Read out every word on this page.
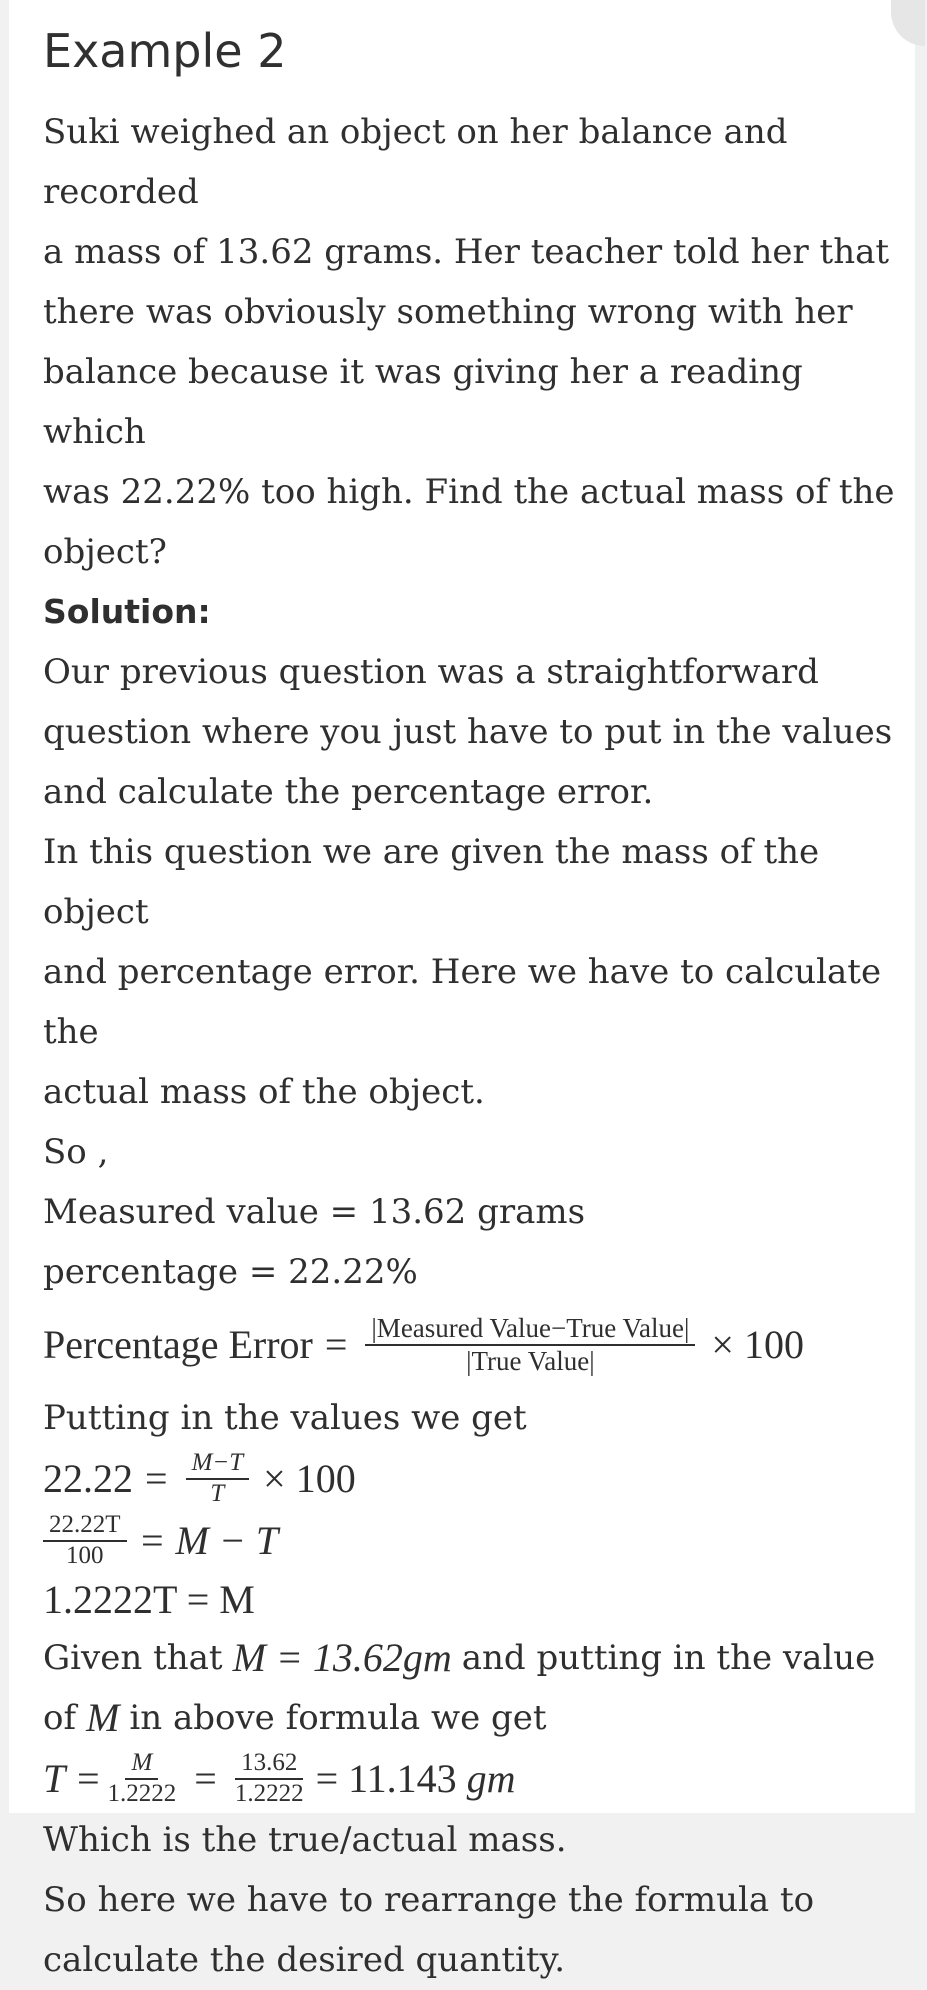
Example 2
Suki weighed an object on her balance and recorded
a mass of 13.62 grams. Her teacher told her that
there was obviously something wrong with her
balance because it was giving her a reading which
was 22.22% too high. Find the actual mass of the
object?
Solution:
Our previous question was a straightforward
question where you just have to put in the values
and calculate the percentage error.
In this question we are given the mass of the object
and percentage error. Here we have to calculate the
actual mass of the object.
So ,
Measured value = 13.62 grams
percentage = 22.22%
Percentage Error = $\frac{\text{|Measured Value−True Value|}}{\text{|True Value|}} \times 100$
Putting in the values we get
$22.22 = \frac{M-T}{T} \times 100$
$\frac{22.22T}{100} = M - T$
1.2222T = M
Given that M = 13.62gm and putting in the value
of M in above formula we get
$T = \frac{M}{1.2222} = \frac{13.62}{1.2222} = 11.143$ gm
Which is the true/actual mass.
So here we have to rearrange the formula to
calculate the desired quantity.
